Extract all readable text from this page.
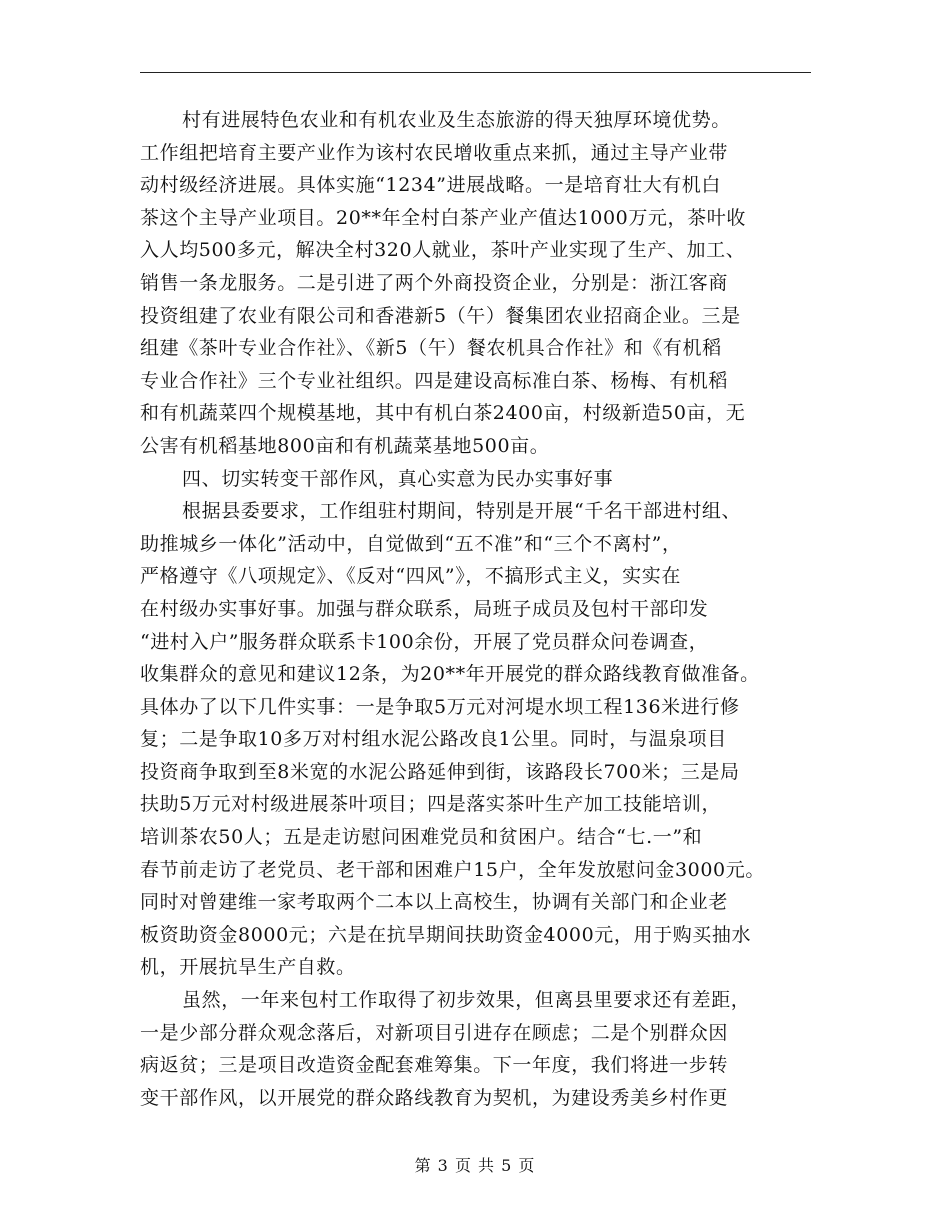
村有进展特色农业和有机农业及生态旅游的得天独厚环境优势。
工作组把培育主要产业作为该村农民增收重点来抓，通过主导产业带
动村级经济进展。具体实施“1234”进展战略。一是培育壮大有机白
茶这个主导产业项目。20**年全村白茶产业产值达1000万元，茶叶收
入人均500多元，解决全村320人就业，茶叶产业实现了生产、加工、
销售一条龙服务。二是引进了两个外商投资企业，分别是：浙江客商
投资组建了农业有限公司和香港新5（午）餐集团农业招商企业。三是
组建《茶叶专业合作社》、《新5（午）餐农机具合作社》和《有机稻
专业合作社》三个专业社组织。四是建设高标准白茶、杨梅、有机稻
和有机蔬菜四个规模基地，其中有机白茶2400亩，村级新造50亩，无
公害有机稻基地800亩和有机蔬菜基地500亩。
四、切实转变干部作风，真心实意为民办实事好事
根据县委要求，工作组驻村期间，特别是开展“千名干部进村组、
助推城乡一体化”活动中，自觉做到“五不准”和“三个不离村”，
严格遵守《八项规定》、《反对“四风”》，不搞形式主义，实实在
在村级办实事好事。加强与群众联系，局班子成员及包村干部印发
“进村入户”服务群众联系卡100余份，开展了党员群众问卷调查，
收集群众的意见和建议12条，为20**年开展党的群众路线教育做准备。
具体办了以下几件实事：一是争取5万元对河堤水坝工程136米进行修
复；二是争取10多万对村组水泥公路改良1公里。同时，与温泉项目
投资商争取到至8米宽的水泥公路延伸到街，该路段长700米；三是局
扶助5万元对村级进展茶叶项目；四是落实茶叶生产加工技能培训，
培训茶农50人；五是走访慰问困难党员和贫困户。结合“七.一”和
春节前走访了老党员、老干部和困难户15户，全年发放慰问金3000元。
同时对曾建维一家考取两个二本以上高校生，协调有关部门和企业老
板资助资金8000元；六是在抗旱期间扶助资金4000元，用于购买抽水
机，开展抗旱生产自救。
虽然，一年来包村工作取得了初步效果，但离县里要求还有差距，
一是少部分群众观念落后，对新项目引进存在顾虑；二是个别群众因
病返贫；三是项目改造资金配套难筹集。下一年度，我们将进一步转
变干部作风，以开展党的群众路线教育为契机，为建设秀美乡村作更
第 3 页 共 5 页
